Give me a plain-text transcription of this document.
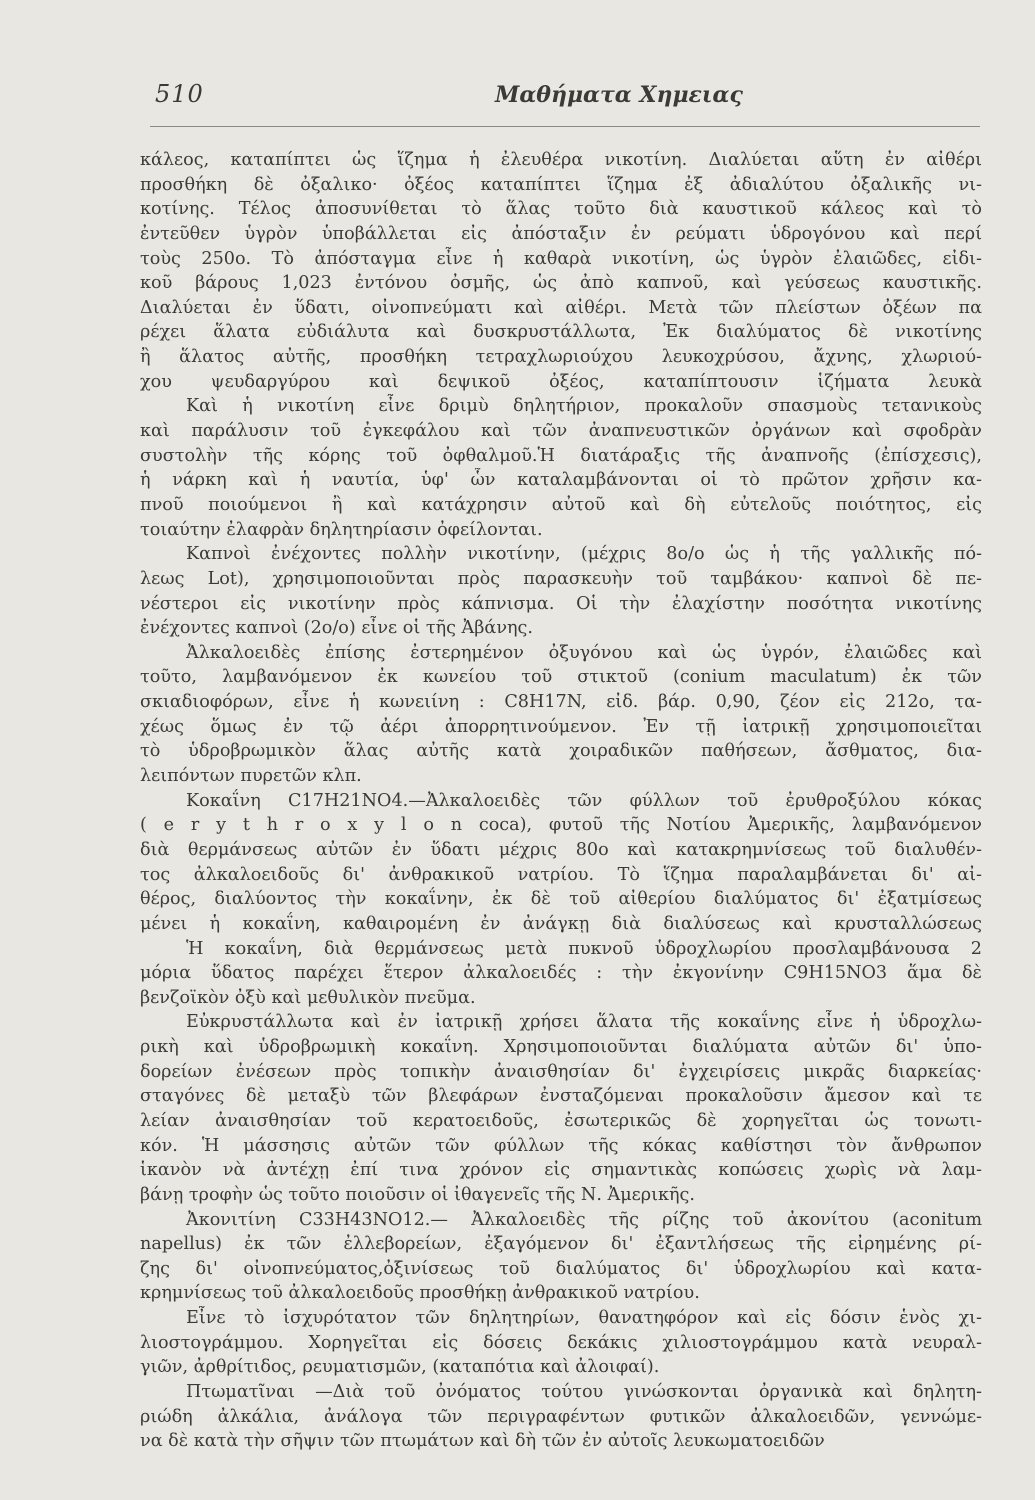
510	Μαθήματα Χημειας
κάλεος, καταπίπτει ὡς ἵζημα ἡ ἐλευθέρα νικοτίνη. Διαλύεται αὕτη ἐν αἰθέρι
προσθήκη δὲ ὀξαλικο· ὀξέος καταπίπτει ἵζημα ἐξ ἀδιαλύτου ὀξαλικῆς νι-
κοτίνης. Τέλος ἀποσυνίθεται τὸ ἅλας τοῦτο διὰ καυστικοῦ κάλεος καὶ τὸ
ἐντεῦθεν ὑγρὸν ὑποβάλλεται εἰς ἀπόσταξιν ἐν ρεύματι ὑδρογόνου καὶ περί
τοὺς 250ο. Τὸ ἀπόσταγμα εἶνε ἡ καθαρὰ νικοτίνη, ὡς ὑγρὸν ἐλαιῶδες, εἰδι-
κοῦ βάρους 1,023 ἐντόνου ὀσμῆς, ὡς ἀπὸ καπνοῦ, καὶ γεύσεως καυστικῆς.
Διαλύεται ἐν ὕδατι, οἰνοπνεύματι καὶ αἰθέρι. Μετὰ τῶν πλείστων ὀξέων πα
ρέχει ἅλατα εὐδιάλυτα καὶ δυσκρυστάλλωτα, Ἐκ διαλύματος δὲ νικοτίνης
ἢ ἅλατος αὐτῆς, προσθήκη τετραχλωριούχου λευκοχρύσου, ἄχνης, χλωριού-
χου ψευδαργύρου καὶ δεψικοῦ ὀξέος, καταπίπτουσιν ἱζήματα λευκὰ
Καὶ ἡ νικοτίνη εἶνε δριμὺ δηλητήριον, προκαλοῦν σπασμοὺς τετανικοὺς
καὶ παράλυσιν τοῦ ἐγκεφάλου καὶ τῶν ἀναπνευστικῶν ὀργάνων καὶ σφοδρὰν
συστολὴν τῆς κόρης τοῦ ὀφθαλμοῦ.Ἡ διατάραξις τῆς ἀναπνοῆς (ἐπίσχεσις),
ἡ νάρκη καὶ ἡ ναυτία, ὑφ' ὧν καταλαμβάνονται οἱ τὸ πρῶτον χρῆσιν κα-
πνοῦ ποιούμενοι ἢ καὶ κατάχρησιν αὐτοῦ καὶ δὴ εὐτελοῦς ποιότητος, εἰς
τοιαύτην ἐλαφρὰν δηλητηρίασιν ὀφείλονται.
Καπνοὶ ἐνέχοντες πολλὴν νικοτίνην, (μέχρις 8ο/ο ὡς ἡ τῆς γαλλικῆς πό-
λεως Lot), χρησιμοποιοῦνται πρὸς παρασκευὴν τοῦ ταμβάκου· καπνοὶ δὲ πε-
νέστεροι εἰς νικοτίνην πρὸς κάπνισμα. Οἱ τὴν ἐλαχίστην ποσότητα νικοτίνης
ἐνέχοντες καπνοὶ (2ο/ο) εἶνε οἱ τῆς Ἀβάνης.
Ἀλκαλοειδὲς ἐπίσης ἐστερημένον ὀξυγόνου καὶ ὡς ὑγρόν, ἐλαιῶδες καὶ
τοῦτο, λαμβανόμενον ἐκ κωνείου τοῦ στικτοῦ (conium maculatum) ἐκ τῶν
σκιαδιοφόρων, εἶνε ἡ κωνειίνη : C8H17N, εἰδ. βάρ. 0,90, ζέον εἰς 212ο, τα-
χέως ὅμως ἐν τῷ ἀέρι ἀπορρητινούμενον. Ἐν τῇ ἰατρικῇ χρησιμοποιεῖται
τὸ ὑδροβρωμικὸν ἅλας αὐτῆς κατὰ χοιραδικῶν παθήσεων, ἄσθματος, δια-
λειπόντων πυρετῶν κλπ.
Κοκαΐνη C17H21NO4.—Ἀλκαλοειδὲς τῶν φύλλων τοῦ ἐρυθροξύλου κόκας
( e r y t h r o x y l o n coca), φυτοῦ τῆς Νοτίου Ἀμερικῆς, λαμβανόμενον
διὰ θερμάνσεως αὐτῶν ἐν ὕδατι μέχρις 80ο καὶ κατακρημνίσεως τοῦ διαλυθέν-
τος ἀλκαλοειδοῦς δι' ἀνθρακικοῦ νατρίου. Τὸ ἵζημα παραλαμβάνεται δι' αἰ-
θέρος, διαλύοντος τὴν κοκαΐνην, ἐκ δὲ τοῦ αἰθερίου διαλύματος δι' ἐξατμίσεως
μένει ἡ κοκαΐνη, καθαιρομένη ἐν ἀνάγκῃ διὰ διαλύσεως καὶ κρυσταλλώσεως
Ἡ κοκαΐνη, διὰ θερμάνσεως μετὰ πυκνοῦ ὑδροχλωρίου προσλαμβάνουσα 2
μόρια ὕδατος παρέχει ἕτερον ἀλκαλοειδές : τὴν ἐκγονίνην C9H15NO3 ἅμα δὲ
βενζοϊκὸν ὀξὺ καὶ μεθυλικὸν πνεῦμα.
Εὐκρυστάλλωτα καὶ ἐν ἰατρικῇ χρήσει ἅλατα τῆς κοκαΐνης εἶνε ἡ ὑδροχλω-
ρικὴ καὶ ὑδροβρωμικὴ κοκαΐνη. Χρησιμοποιοῦνται διαλύματα αὐτῶν δι' ὑπο-
δορείων ἐνέσεων πρὸς τοπικὴν ἀναισθησίαν δι' ἐγχειρίσεις μικρᾶς διαρκείας·
σταγόνες δὲ μεταξὺ τῶν βλεφάρων ἐνσταζόμεναι προκαλοῦσιν ἄμεσον καὶ τε
λείαν ἀναισθησίαν τοῦ κερατοειδοῦς, ἐσωτερικῶς δὲ χορηγεῖται ὡς τονωτι-
κόν. Ἡ μάσσησις αὐτῶν τῶν φύλλων τῆς κόκας καθίστησι τὸν ἄνθρωπον
ἱκανὸν νὰ ἀντέχῃ ἐπί τινα χρόνον εἰς σημαντικὰς κοπώσεις χωρὶς νὰ λαμ-
βάνῃ τροφὴν ὡς τοῦτο ποιοῦσιν οἱ ἰθαγενεῖς τῆς Ν. Ἀμερικῆς.
Ἀκονιτίνη C33H43NO12.— Ἀλκαλοειδὲς τῆς ρίζης τοῦ ἀκονίτου (aconitum
napellus) ἐκ τῶν ἐλλεβορείων, ἐξαγόμενον δι' ἐξαντλήσεως τῆς εἰρημένης ρί-
ζης δι' οἰνοπνεύματος,ὀξινίσεως τοῦ διαλύματος δι' ὑδροχλωρίου καὶ κατα-
κρημνίσεως τοῦ ἀλκαλοειδοῦς προσθήκῃ ἀνθρακικοῦ νατρίου.
Εἶνε τὸ ἰσχυρότατον τῶν δηλητηρίων, θανατηφόρον καὶ εἰς δόσιν ἑνὸς χι-
λιοστογράμμου. Χορηγεῖται εἰς δόσεις δεκάκις χιλιοστογράμμου κατὰ νευραλ-
γιῶν, ἀρθρίτιδος, ρευματισμῶν, (καταπότια καὶ ἀλοιφαί).
Πτωματῖναι —Διὰ τοῦ ὀνόματος τούτου γινώσκονται ὀργανικὰ καὶ δηλητη-
ριώδη ἀλκάλια, ἀνάλογα τῶν περιγραφέντων φυτικῶν ἀλκαλοειδῶν, γεννώμε-
να δὲ κατὰ τὴν σῆψιν τῶν πτωμάτων καὶ δὴ τῶν ἐν αὐτοῖς λευκωματοειδῶν
